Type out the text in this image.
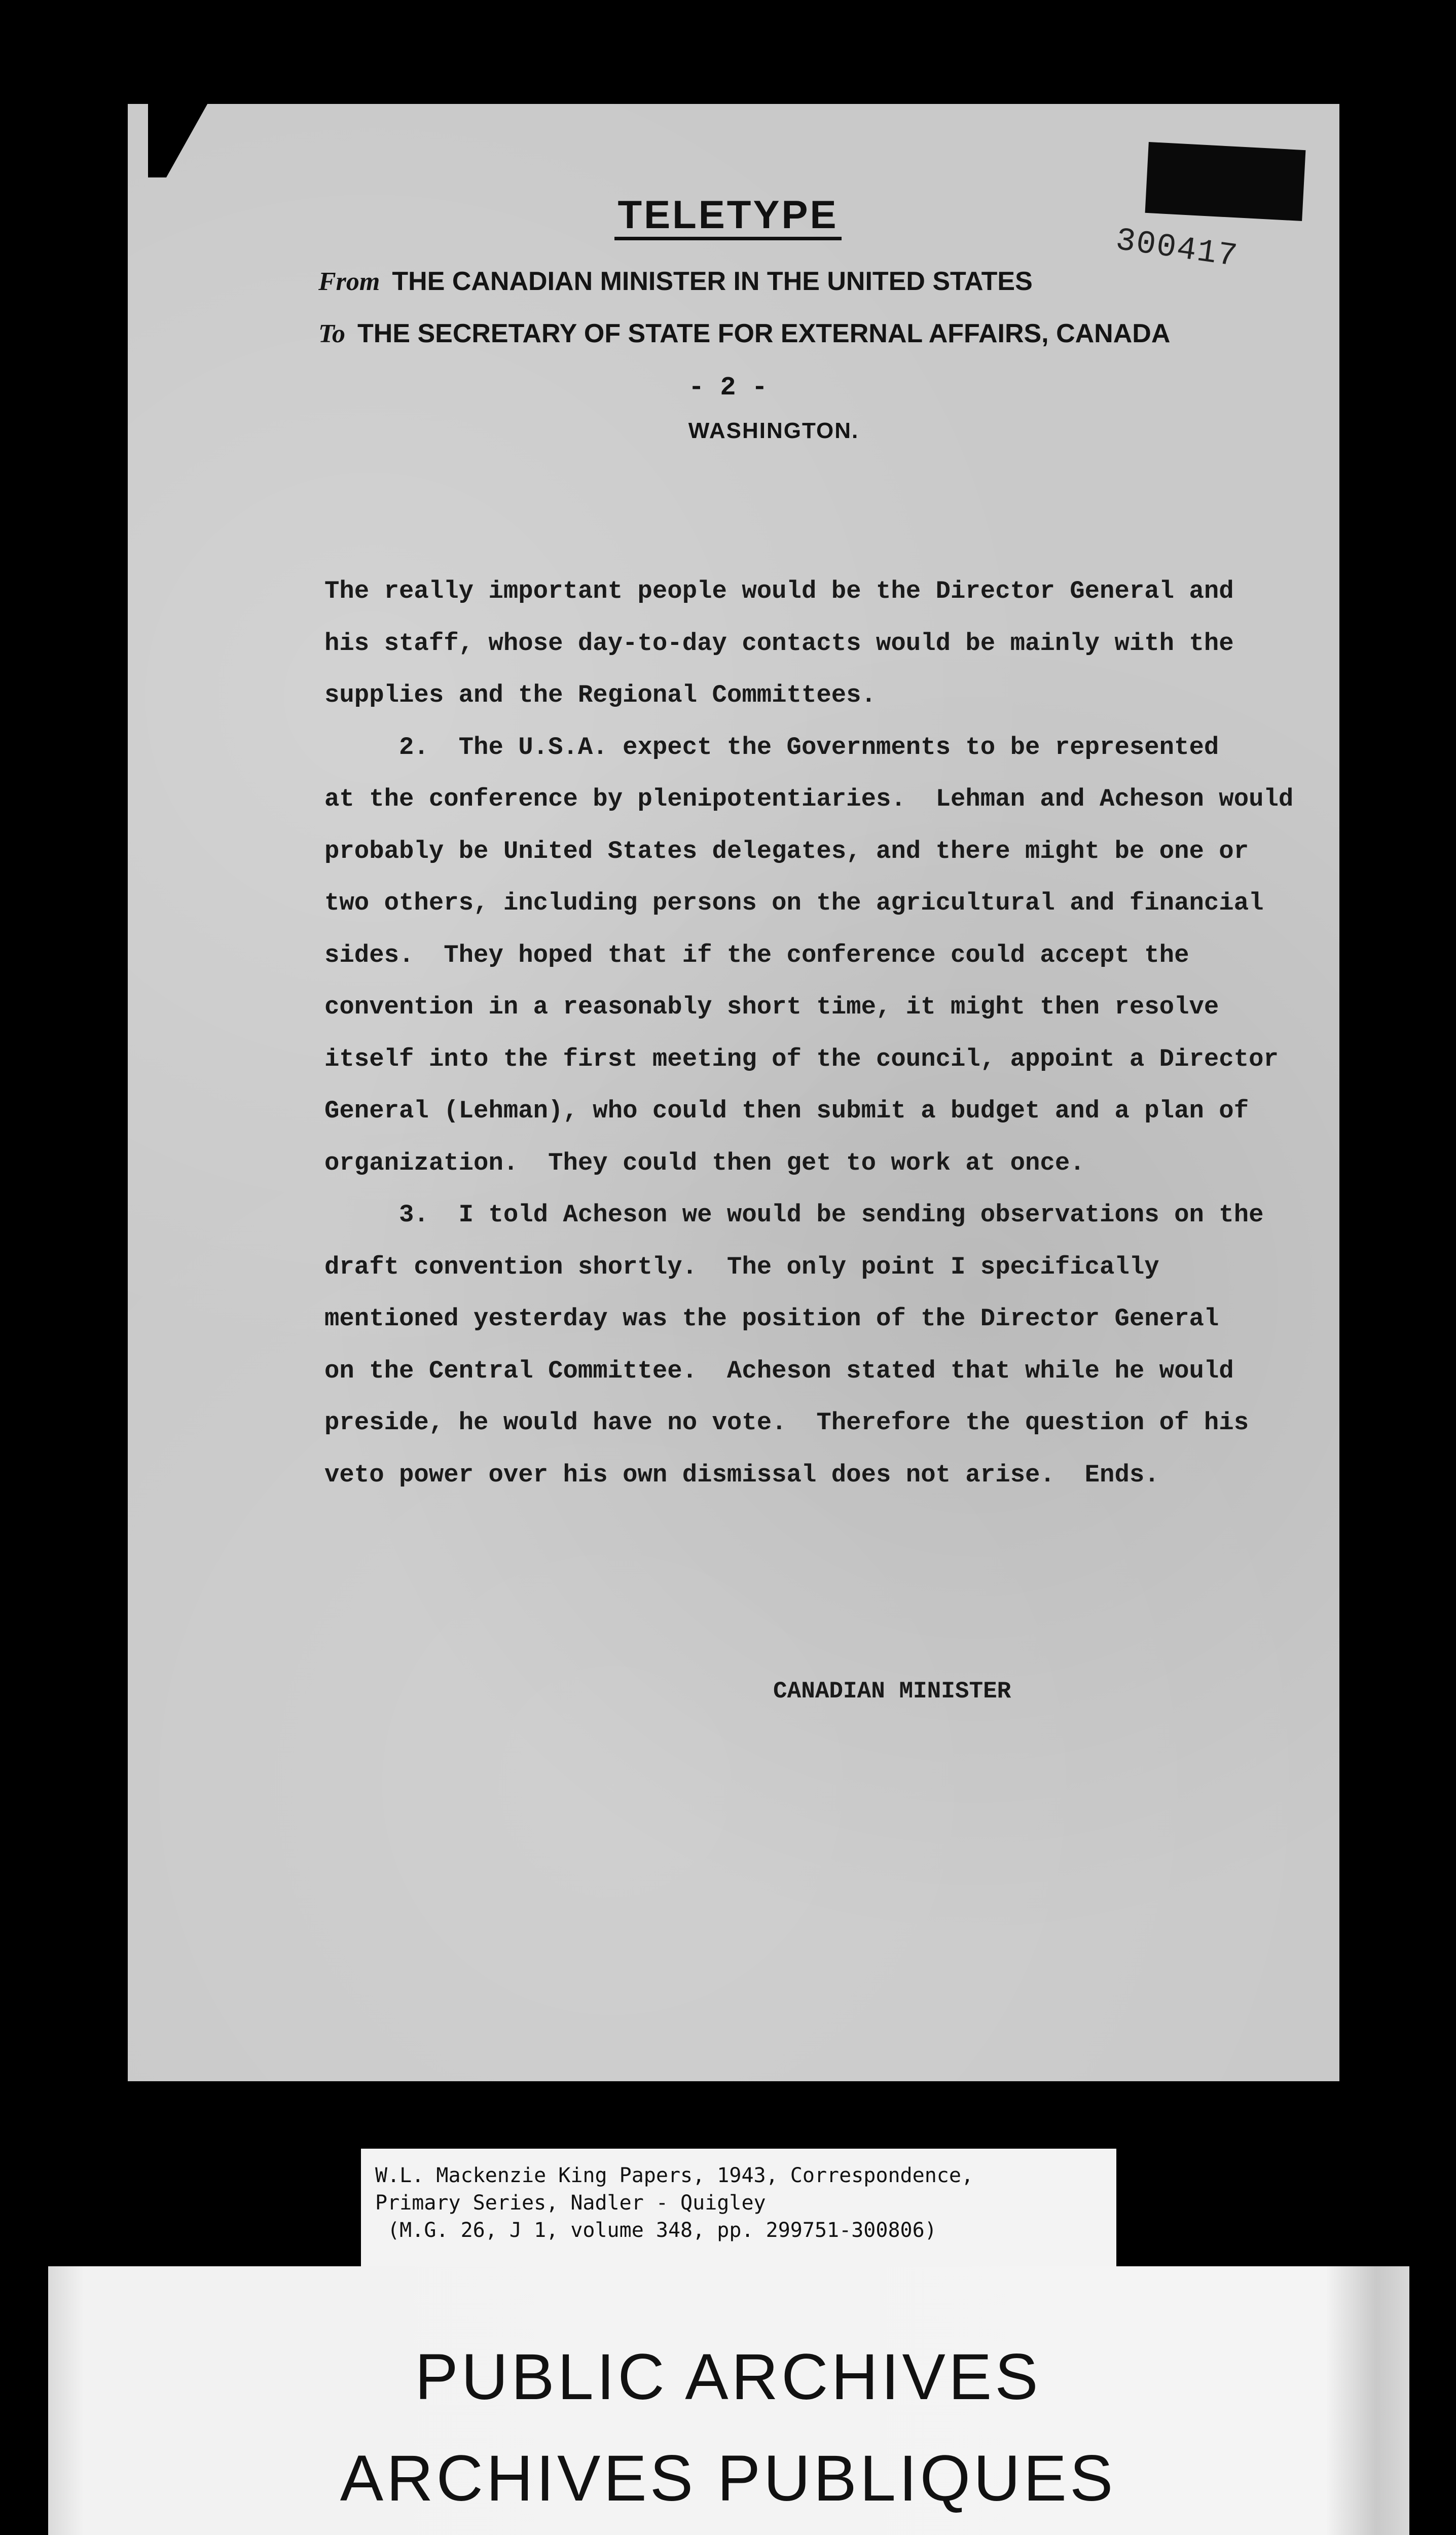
300417
TELETYPE
From THE CANADIAN MINISTER IN THE UNITED STATES
To THE SECRETARY OF STATE FOR EXTERNAL AFFAIRS, CANADA
- 2 -
WASHINGTON.
The really important people would be the Director General and
his staff, whose day-to-day contacts would be mainly with the
supplies and the Regional Committees.
2.  The U.S.A. expect the Governments to be represented
at the conference by plenipotentiaries.  Lehman and Acheson would
probably be United States delegates, and there might be one or
two others, including persons on the agricultural and financial
sides.  They hoped that if the conference could accept the
convention in a reasonably short time, it might then resolve
itself into the first meeting of the council, appoint a Director
General (Lehman), who could then submit a budget and a plan of
organization.  They could then get to work at once.
3.  I told Acheson we would be sending observations on the
draft convention shortly.  The only point I specifically
mentioned yesterday was the position of the Director General
on the Central Committee.  Acheson stated that while he would
preside, he would have no vote.  Therefore the question of his
veto power over his own dismissal does not arise.  Ends.
CANADIAN MINISTER
W.L. Mackenzie King Papers, 1943, Correspondence,
Primary Series, Nadler - Quigley
(M.G. 26, J 1, volume 348, pp. 299751-300806)
PUBLIC ARCHIVES
ARCHIVES PUBLIQUES
